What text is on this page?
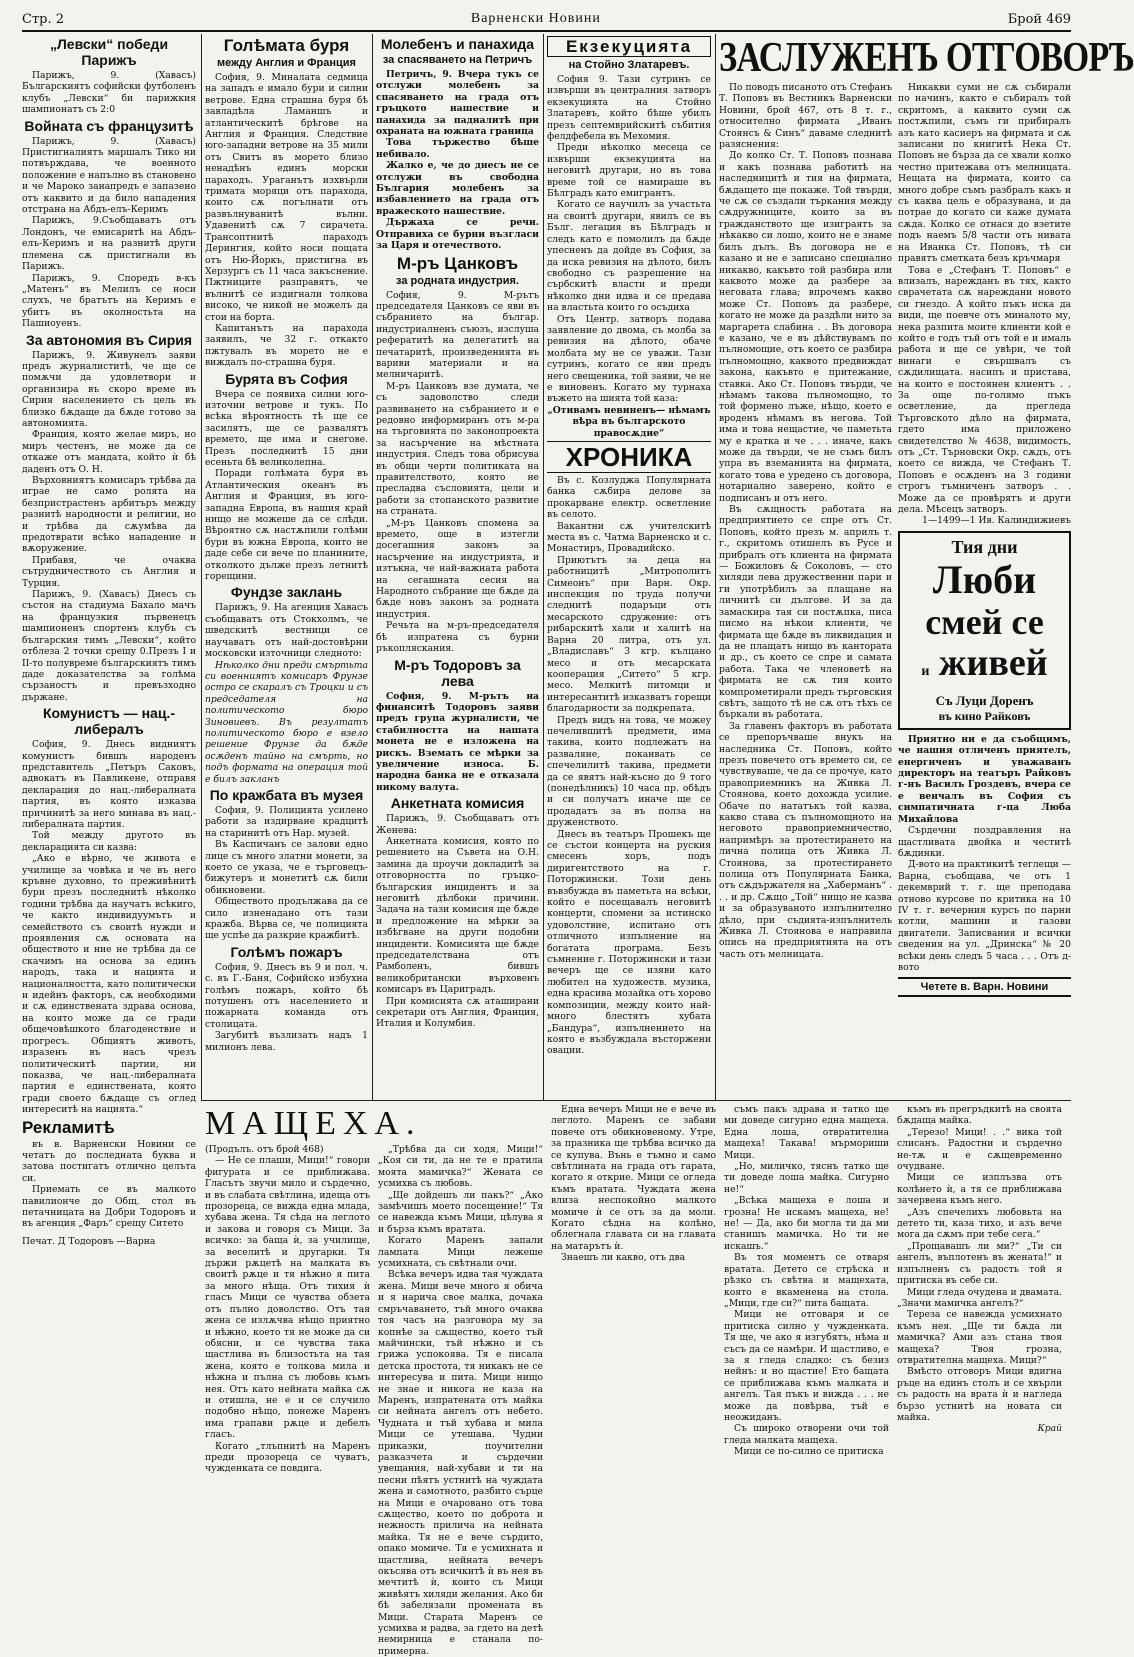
Стр. 2	Варненски Новини	Брой 469
„Левски“ победи Парижъ

Парижъ, 9. (Хавасъ) Българскиятъ софийски футболенъ клубъ „Левски“ би парижкия шампионатъ съ 2:0

Войната съ французитѣ

Парижъ, 9. (Хавасъ) Пристигналиятъ маршалъ Тико ни потвърждава, че военното положение е напълно въ становено и че Мароко занапредъ е запазено отъ каквито и да било нападения отстрана на Абдъ-елъ-Керимъ

Парижъ, 9.Съобщаватъ отъ Лондонъ, че емисаритѣ на Абдъ-елъ-Керимъ и на разнитѣ други племена сѫ пристигнали въ Парижъ.

Парижъ, 9. Споредъ в-къ „Матенъ“ въ Мелилъ се носи слухъ, че братътъ на Керимъ е убитъ въ околностьта на Пашиоуенъ.

За автономия въ Сирия

Парижъ, 9. Живунелъ заяви предъ журналиститѣ, че ще се помѫчи да удовлетвори и организира въ скоро време въ Сирия населението съ цель въ близко бѫдаще да бѫде готово за автономията.

Франция, която желае миръ, но миръ честенъ, не може да се откаже отъ мандата, който ѝ бѣ даденъ отъ О. Н.

Върховниятъ комисаръ трѣбва да играе не само ролята на безпристрастенъ арбитъръ между разнитѣ народности и религии, но и трѣбва да сѫумѣва да предотврати всѣко нападение и вѫоружение.

Прибавя, че очаква сътрудничеството съ Англия и Турция.

Парижъ, 9. (Хавасъ) Днесъ съ състоя на стадиума Бахало мачъ на французкия първенецъ шампионенъ спортенъ клубъ съ българския тимъ „Левски“, който отблеза 2 точки срещу 0.Презъ I и II-то полувреме българскиятъ тимъ даде доказателства за голѣма сързаностъ и превъзходно държане.

Комунистъ — нац.-либералъ

София, 9. Днесь видниятъ комунистъ бившъ народенъ представитель „Петъръ Саковъ, адвокатъ въ Павликене, отправя декларация до нац.-либералната партия, въ която изказва причинитѣ за него минава въ нац.-либералната партия.

Той между другото въ декларацията си казва:

„Ако е вѣрно, че живота е училище за човѣка и че въ него кръвне духовно, то преживѣнитѣ бури презъ последнитѣ нѣколко години трѣбва да научатъ всѣкиго, че както индивидуумътъ и семейството съ своитѣ нужди и проявления сѫ основата на обществото и ние не трѣбва да се скачимъ на основа за единъ народъ, така и нацията и националността, като политически и идейнъ факторъ, сѫ необходими и сѫ единствената здрава основа, на която може да се гради общечовѣшкото благоденствие и прогресъ. Общиятъ животъ, изразенъ въ насъ чрезъ политическитѣ партии, ни показва, че нац.-либералната партия е единствената, която гради своето бѫдаще съ оглед интереситѣ на нацията.“

Рекламитѣ

въ в. Варненски Новини се четатъ до последната буква и затова постигатъ отлично целъта си.

Приемать се въ малкото павилиончe до Общ. стол въ петачницата на Добри Тодоровъ и въ агенция „Фаръ“ срещу Ситето

Печат. Д Тодоровъ —Варна

Голѣмата буря
между Англия и Франция

София, 9. Миналата седмица на западъ е имало бури и силни ветрове. Една страшна буря бѣ завладѣла Ламаншъ и атлантическитѣ брѣгове на Англия и Франция. Следствие юго-западни ветрове на 35 мили отъ Свитъ въ морето близо ненадѣнъ единъ морски параходъ. Ураганътъ изхвърли тримата моряци отъ парахода, които сѫ погълнати отъ развълнуванитѣ вълни. Удавенитѣ сѫ 7 сирачета. Трансоптнитѣ параходъ Дерингия, който носи пощата отъ Ню-Йоркъ, пристигна въ Херзургъ съ 11 часа закъснение. Пжтниците разправятъ, че вълнитѣ се издигнали толкова високо, че никой не можелъ да стои на борта.

Капитанътъ на парахода заявилъ, че 32 г. откакто пжтувалъ въ морето не е виждалъ по-страшна буря.

Бурята въ София

Вчера се появиха силни юго-източни ветрове и тукъ. По всѣка вѣроятность тѣ ще се засилятъ, ще се развалятъ времето, ще има и снегове. Презъ последнитѣ 15 дни есеньта бѣ великолепна.

Поради голѣмата буря въ Атлантическия океанъ въ Англия и Франция, въ юго-западна Европа, въ нашия край нищо не можеше да се слѣди. Вѣроятно сѫ настѫпили голѣми бури въ южна Европа, които не даде себе си вече по планините, отколкото дълже презъ летнитѣ горещини.

Фундзе заклань

Парижъ, 9. На агенция Хавасъ съобщаватъ отъ Стокхолмъ, че шведскитѣ вестници се научаватъ отъ най-достовѣрни московски източници следното:

Нѣколко дни преди смъртьта си военниятъ комисаръ Фрунзе остро се скаралъ съ Троцки и съ председателя на политическото бюро Зиновиевъ. Въ резултатъ политическото бюро е взело решение Фрунзе да бѫде осѫденъ тайно на смърть, но подъ формата на операция той е билъ закланъ

По кражбата въ музея

София, 9. Полицията усилено работи за издирване крадцитѣ на старинитѣ отъ Нар. музей.

Въ Каспичанъ се залови едно лице съ много златни монети, за което се указа, че е търговецъ-бижутеръ и монетитѣ сѫ били обикновени.

Обществото продължава да се сило изненадано отъ тази кражба. Вѣрва се, че полицията ще успѣе да разкрие кражбитѣ.

Голѣмъ пожаръ

София, 9. Днесъ въ 9 и пол. ч. с. въ Г.-Баня, Софийско избухна голѣмъ пожаръ, който бѣ потушенъ отъ населението и пожарната команда отъ столицата.

Загубитѣ възлизать надъ 1 милионъ лева.

Молебенъ и панахида
за спасяването на Петричъ

Петричъ, 9. Вчера тукъ се отслужи молебенъ за спасяването на града отъ гръцкото нашествие и панахида за падналитѣ при охраната на южната граница

Това тържество бѣше небивало.

Жалко е, че до днесъ не се отслужи въ свободна България молебенъ за избавлението на града отъ вражеското нашествие.

Държаха се речи. Отправиха се бурни възгласи за Царя и отечеството.

М-ръ Цанковъ
за родната индустрия.

София, 9. М-рътъ председателя Цанковъ се яви въ събранието на българ. индустриалненъ съюзъ, изслуша рефератитѣ на делегатитѣ на печатаритѣ, произведенията въ вариви материали и на мелничаритѣ.

М-ръ Цанковъ взе думата, че съ задоволство следи развиването на събранието и е редовно информиранъ отъ м-ра на търговията по законопроекта за насърчение на мѣстната индустрия. Следъ това обрисува въ общи черти политиката на правителството, която не пресладва съсловията, цели и работи за стопанското развитие на страната.

„М-ръ Цанковъ спомена за времето, още в изтегли досегашния законъ за насърчение на индустрията, и изтъкна, че най-важната работа на сегашната сесия на Народното събрание ще бѫде да бѫде новъ законъ за родната индустрия.

Речьта на м-ръ-председателя бѣ изпратена съ бурни ръкопляскания.

М-ръ Тодоровъ за лева

София, 9. М-рътъ на финанситѣ Тодоровъ заяви предъ група журналисти, че стабилността на нашата монета не е изложена на рискъ. Вземать се мѣрки за увеличение износа. Б. народна банка не е отказала никому валута.

Анкетната комисия

Парижъ, 9. Съобщаватъ отъ Женева:

Анкетната комисия, която по решението на Съвета на О.Н. замина да проучи докладитѣ за отговорността по гръцко-българския инцидентъ и за неговитѣ дѣлбоки причини. Задача на тази комисия ще бѫде и предложение на мѣрки за избѣгване на други подобни инциденти. Комисията ще бѫде председателствана отъ Рамболенъ, бившъ великобритански върховенъ комисаръ въ Цариградъ.

При комисията сѫ аташирани секретари отъ Англия, Франция, Италия и Колумбия.

Екзекуцията
на Стойно Златаревъ.

София 9. Тази сутринъ се извърши въ централния затворъ екзекуцията на Стойно Златаревъ, който бѣше убилъ презъ септемврийскитѣ събития фелдфебела въ Мехомия.

Преди нѣколко месеца се извърши екзекуцията на неговитѣ другари, но въ това време той се намираше въ Бѣлградъ като емигрантъ.

Когато се научилъ за участьта на своитѣ другари, явилъ се въ Бълг. легация въ Бѣлградъ и следъ като е помолилъ да бѫде упесненъ да дойде въ София, за да иска ревизия на дѣлото, билъ свободно съ разрешение на сърбскитѣ власти и преди нѣколко дни идва и се предава на властьта които го осъдиха

Отъ Центр. затворъ подава заявление до двома, съ молба за ревизия на дѣлото, обаче молбата му не се уважи. Тази сутринъ, когато се яви предъ него свещеника, той заяви, че не е виновенъ. Когато му турнаха въжето на шията той каза:

„Отивамъ невиненъ— нѣмамъ вѣра въ българското правосѫдие“

ХРОНИКА

Въ с. Козлуджа Популярната банка сѫбира делове за прокарване електр. осветление въ селото.

Вакантни сѫ учителскитѣ места въ с. Чатма Варненско и с. Монастиръ, Провадийско.

Приютътъ за деца на работницитѣ „Митрополитъ Симеонъ“ при Варн. Окр. инспекция по труда получи следнитѣ подаръци отъ месарското сдружение: отъ рибарскитѣ хали и халитѣ на Варна 20 литра, отъ ул. „Владиславъ“ 3 кгр. кълцано месо и отъ месарската кооперация „Ситето“ 5 кгр. месо. Мелкитѣ питомци и интересантитѣ изказватъ горещи благодарности за подкрепата.

Предъ видъ на това, че можеу печелившитѣ предмети, има такива, които подлежатъ на разваляне, поканвать се спечелилитѣ такива, предмети да се явятъ най-късно до 9 того (понедѣлникъ) 10 часа пр. обѣдъ и си получатъ иначе ще се продадатъ за въ полза на друженството.

Днесъ въ театъръ Прошекъ ще се състои концерта на руския смесенъ хоръ, подъ диригентството на г. Поторжински. Този день въвзбужда въ паметьта на всѣки, който е посещавалъ неговитѣ концерти, спомени за истинско удоволствие, испитано отъ отличното изпълнение на богатата програма. Безъ съмнение г. Поторжински и тази вечеръ ще се изяви като любител на художеств. музика, една красива мозайка отъ хорово композиции, между които най-много блестятъ хубата „Бандура“, изпълнението на която е възбуждала въсторжени овации.

ЗАСЛУЖЕНЪ ОТГОВОРЪ

По поводъ писаното отъ Стефанъ Т. Поповъ въ Вестникъ Варненски Новини, брой 467, отъ 8 т. г., относително фирмата „Иванъ Стоянсъ & Синъ“ даваме следнитѣ разяснения:

До колко Ст. Т. Поповъ познава и какъ познава работитѣ на наследницитѣ и тия на фирмата, бѫдащето ще покаже. Той твърди, че сѫ се създали търкания между сѫдружниците, които за въ гражданството ще изиграятъ за нѣкакво си лошо, които не е знаме билъ дълъ. Въ договора не е казано и не е записано специално никакво, какъвто той разбира или каквото може да разбере за неговата глава; впрочемъ какво може Ст. Поповъ да разбере, когато не може да раздѣли нито за маргарета слабина . . Въ договора е казано, че е въ дѣйствувамъ по пълномощие, отъ което се разбира пълномощно, каквото предвиждат закона, какъвто е притежание, ставка. Ако Ст. Поповъ твърди, че нѣмамъ такова пълномощно, то той формено лъже, нѣщо, което е вроденъ нѣмамъ въ негова. Той има и това нещастие, че паметьта му е кратка и че . . . иначе, какъ може да твърди, че не съмъ билъ упра въ вземанията на фирмата, когато това е уредено съ договора, нотариално заверено, който е подписанъ и отъ него.

Въ сѫщность работата на предприятието се спре отъ Ст. Поповъ, който презъ м. априлъ т. г., скритомъ отишелъ въ Русе и прибралъ отъ клиента на фирмата — Божиловъ & Соколовъ, — сто хиляди лева дружественни пари и ги употрѣбилъ за плащане на личнитѣ си дългове. И за да замаскира тая си постѫпка, писа писмо на нѣкои клиенти, че фирмата ще бѫде въ ликвидация и да не плащатъ нищо въ кантората и др., съ което се спре и самата работа. Така че членоветѣ на фирмата не сѫ тия които компрометирали предъ търговския свѣтъ, защото тѣ не сѫ отъ тѣхъ се бъркали въ работата.

За главенъ факторъ въ работата се препоръчваше внукъ на наследника Ст. Поповъ, който презъ повечето отъ времето си, се чувствуваше, че да се прочуе, като правоприемникъ на Живка Л. Стоянова, което дохожда усилие. Обаче по нататъкъ той казва, какво става съ пълномощното на неговото правоприемничество, напримѣръ за протестирането на лична полица отъ Живка Л. Стоянова, за протестирането полица отъ Популярната Банка, отъ сѫдържателя на „Хаберманъ“ . . . и др. Сѫщо „Той“ нищо не казва и за образуваното изпълнително дѣло, при съдията-изпълнитель Живка Л. Стоянова е направила опись на предприятията на отъ часть отъ мелницата.

Никакви суми не сѫ събирали по начинъ, както е събиралъ той скритомъ, а каквито суми сѫ постѫпили, съмъ ги прибиралъ азъ като касиеръ на фирмата и сѫ записани по книгитѣ Нека Ст. Поповъ не бърза да се хвали колко честно притежава отъ мелницата. Нещата на фирмата, които са много добре съмъ разбралъ какъ и съ каква цель е образувана, и да потрае до когато си каже думата сѫда. Колко се отнася до взетите подъ наемъ 5/8 части отъ нивата на Иванка Ст. Поповъ, тѣ си правятъ сметката безъ кръчмаря

Това е „Стефанъ Т. Поповъ“ е влизалъ, нарежданъ въ тях, както сврачетата сѫ нареждани новото си гнездо. А който пъкъ иска да види, ще поевче отъ миналото му, нека разпита моите клиенти кой е който е годъ тъй отъ той е и ималь работа и ще се увѣри, че той винаги е свършвалъ съ сѫдилищата. насипъ и пристава, на които е постоянен клиентъ . . За още по-голямо пъкъ осветление, да прегледа Търговското дѣло на фирмата, гдето има приложено свидетелство № 4638, видимость, отъ „Ст. Търновски Окр. сѫдъ, отъ което се вижда, че Стефанъ Т. Поповъ е осѫденъ на 3 години строгъ тъмниченъ затворъ . . Може да се провѣрятъ и други дела. Мѣсецъ затворъ.

1—1499—1 Ив. Калиндижиевъ

Тия дни
Люби
смей се
и живей
Съ Луци Доренъ
въ кино Райковъ

Приятно ни е да съобщимъ, че нашия отличенъ приятелъ, енергиченъ и уважаванъ директоръ на театъръ Райковъ г-нъ Василъ Гроздевъ, вчера се е венчалъ въ София съ симпатичната г-ца Люба Михайлова

Сърдечни поздравления на щастливата двойка и честитѣ бѫдинки.

Д-вото на практикитѣ теглещи — Варна, съобщава, че отъ 1 декемврий т. г. ще преподава отново курсове по критика на 10 IV т. г. вечерния курсъ по парни котли, машини и газови двигатели. Записвания и всички сведения на ул. „Дринска“ № 20 всѣки день следъ 5 часа . . . Отъ д-вото

Четете в. Варн. Новини
МАЩЕХА.

(Продълъ. отъ брой 468)

— Не се плаши, Мици!“ говори фигурата и се приближава. Гласътъ звучи мило и сърдечно, и въ слабата свѣтлина, идеща отъ прозореца, се вижда една млада, хубава жена. Тя сѣда на леглото и закова и говоря съ Мици. За всичко: за баща ѝ, за училище, за веселитѣ и другарки. Тя държи рѫцетѣ на малката въ своитѣ рѫце и тя нѣжно я пита за много нѣща. Отъ тихия ѝ гласъ Мици се чувства обзета отъ пълно доволство. Отъ тая жена се излѫчва нѣщо приятно и нѣжно, което тя не може да си обясни, и се чувства така щастлива въ близостьта на тая жена, която е толкова мила и нѣжна и пълна съ любовь къмъ нея. Отъ като нейната майка сѫ и отишла, не е и се случило подобно нѣщо, понеже Маренъ има грапави рѫце и дебелъ гласъ.

Когато „тлъпнитѣ на Маренъ преди прозореца се чуватъ, чужденката се повдига.

„Трѣбва да си ходя, Мици!“ „Коя си ти, да не те е пратила моята мамичка?“ Женатa се усмихва съ любовь.

„Ще дойдешъ ли пакъ?“ „Ако замѣчишъ моето посещение!“ Тя се навежда къмъ Мици, цѣлува я и бърза къмъ вратата.

Когато Маренъ запали лампата Мици лежеше усмихната, съ свѣтнали очи.

Всѣка вечеръ идва тая чуждата жена. Мици вече много я обича и я нарича свое малка, дочака смръчаването, тъй много очаква тоя часъ на разговора му за копнѣе за сѫщество, което тъй майчински, тъй нѣжно и съ грижа успокоява. Тя е писала детска простота, тя никакъ не се интересува и пита. Мици нищо не знае и никога не каза на Маренъ, изпратената отъ майка си нейната ангелъ отъ небето. Чудната и тъй хубава и мила Мици се утешава. Чудни приказки, поучителни разказчета и сърдечни увещания, най-хубави и ти на песни пѣятъ устнитѣ на чуждата жена и самотното, разбито сърце на Мици е очаровано отъ това сѫщество, което по доброта и нежность прилича на нейната майка. Тя не е вече сърдито, опако момиче. Тя е усмихната и щастлива, нейната вечеръ окъсява отъ всичкитѣ ѝ въ нея въ мечтитѣ ѝ, които съ Мици живѣятъ хиляди желания. Ако би бѣ забелязали промената въ Мици. Старата Маренъ се усмихва и радва, за гдето на детѣ немирница е станала по-примерна.

Една вечеръ Мици не е вече въ леглото. Маренъ се забави повече отъ обикновеному. Утре, за празника ще трѣбва всичко да се купува. Вънь е тъмно и само свѣтлината на града отъ гарата, когато я открие. Мици се огледа къмъ вратата. Чуждата жена влиза неспокойно малкото момиче ѝ се отъ за да моли. Когато сѣдна на колѣно, облегнала главата си на главата на матарътъ ѝ.

Знаешъ ли какво, отъ два

съмъ пакъ здрава и татко ще ми доведе сигурно една мащеха. Една лоша, отвратителна мащеха! Такава! мърмориши Мици.

„Но, миличко, тяснъ татко ще ти доведе лоша майка. Сигурно не!“

„Всѣка мащеха е лоша и грозна! Не искамъ мащеха, не! не! — Да, ако би могла ти да ми станишъ мамичка. Но ти не искашъ.“

Въ тоя моментъ се отваря вратата. Детето се стрѣска и рѣзко съ свѣтва и мащехата, която е вкаменена на стола. „Мици, где си?“ пита бащата.

Мици не отговаря и се притиска силно у чужденката. Тя ще, че ако я изгубятъ, нѣма и съсъ да се намѣри. И щастливо, е за я гледа сладко: съ безиз нейнъ: и но щастие! Ето бащата се приближава къмъ малката и ангелъ. Тая пъкъ и вижда . . . не може да повѣрва, тъй е неожиданъ.

Съ широко отворени очи той гледа малката мащеха.

Мици се по-силно се притиска

къмъ въ прегръдкитѣ на своята бѫдаща майка.

„Терезо! Мици! . .“ вика той слисанъ. Радостни и сърдечно не-тѫ и е сѫщевременно очудване.

Мици се изплъзва отъ колѣнето ѝ, а тя се приближава зачервена къмъ него.

„Азъ спечелихъ любовьта на детето ти, каза тихо, и азъ вече мога да сѫмъ при тебе сега.“

„Прощавашъ ли ми?“ „Ти си ангелъ, въплотенъ въ жената!“ и изпълненъ съ радость той я притиска въ себе си.

Мици гледа очудена и двамата. „Значи мамичка ангелъ?“

Тереза се навежда усмихнато къмъ нея. „Ще ти бѫда ли мамичка? Ами азъ стана твоя мащеха? Твоя грозна, отвратителна мащеха. Мици?“

Вмѣсто отговоръ Мици вдигна ръце на единъ столъ и се хвърли съ радость на врата ѝ и нагледа бързо устнитѣ на новата си майка.

Край
